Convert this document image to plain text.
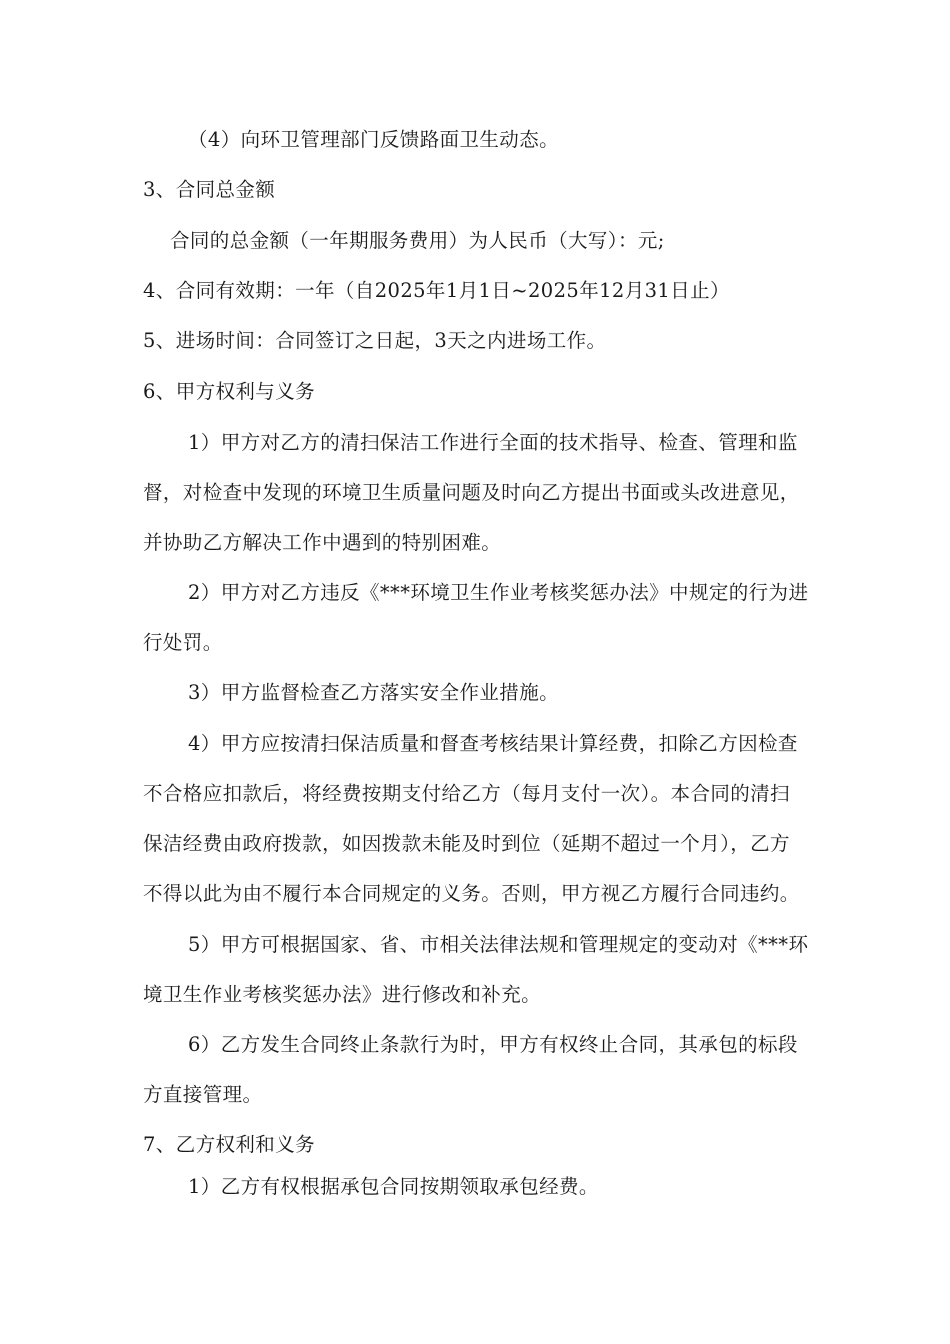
（4）向环卫管理部门反馈路面卫生动态。
3、合同总金额
合同的总金额（一年期服务费用）为人民币（大写）：元;
4、合同有效期：一年（自2025年1月1日~2025年12月31日止）
5、进场时间：合同签订之日起，3天之内进场工作。
6、甲方权利与义务
1）甲方对乙方的清扫保洁工作进行全面的技术指导、检查、管理和监
督，对检查中发现的环境卫生质量问题及时向乙方提出书面或头改进意见，
并协助乙方解决工作中遇到的特别困难。
2）甲方对乙方违反《***环境卫生作业考核奖惩办法》中规定的行为进
行处罚。
3）甲方监督检查乙方落实安全作业措施。
4）甲方应按清扫保洁质量和督查考核结果计算经费，扣除乙方因检查
不合格应扣款后，将经费按期支付给乙方（每月支付一次）。本合同的清扫
保洁经费由政府拨款，如因拨款未能及时到位（延期不超过一个月），乙方
不得以此为由不履行本合同规定的义务。否则，甲方视乙方履行合同违约。
5）甲方可根据国家、省、市相关法律法规和管理规定的变动对《***环
境卫生作业考核奖惩办法》进行修改和补充。
6）乙方发生合同终止条款行为时，甲方有权终止合同，其承包的标段
方直接管理。
7、乙方权利和义务
1）乙方有权根据承包合同按期领取承包经费。
